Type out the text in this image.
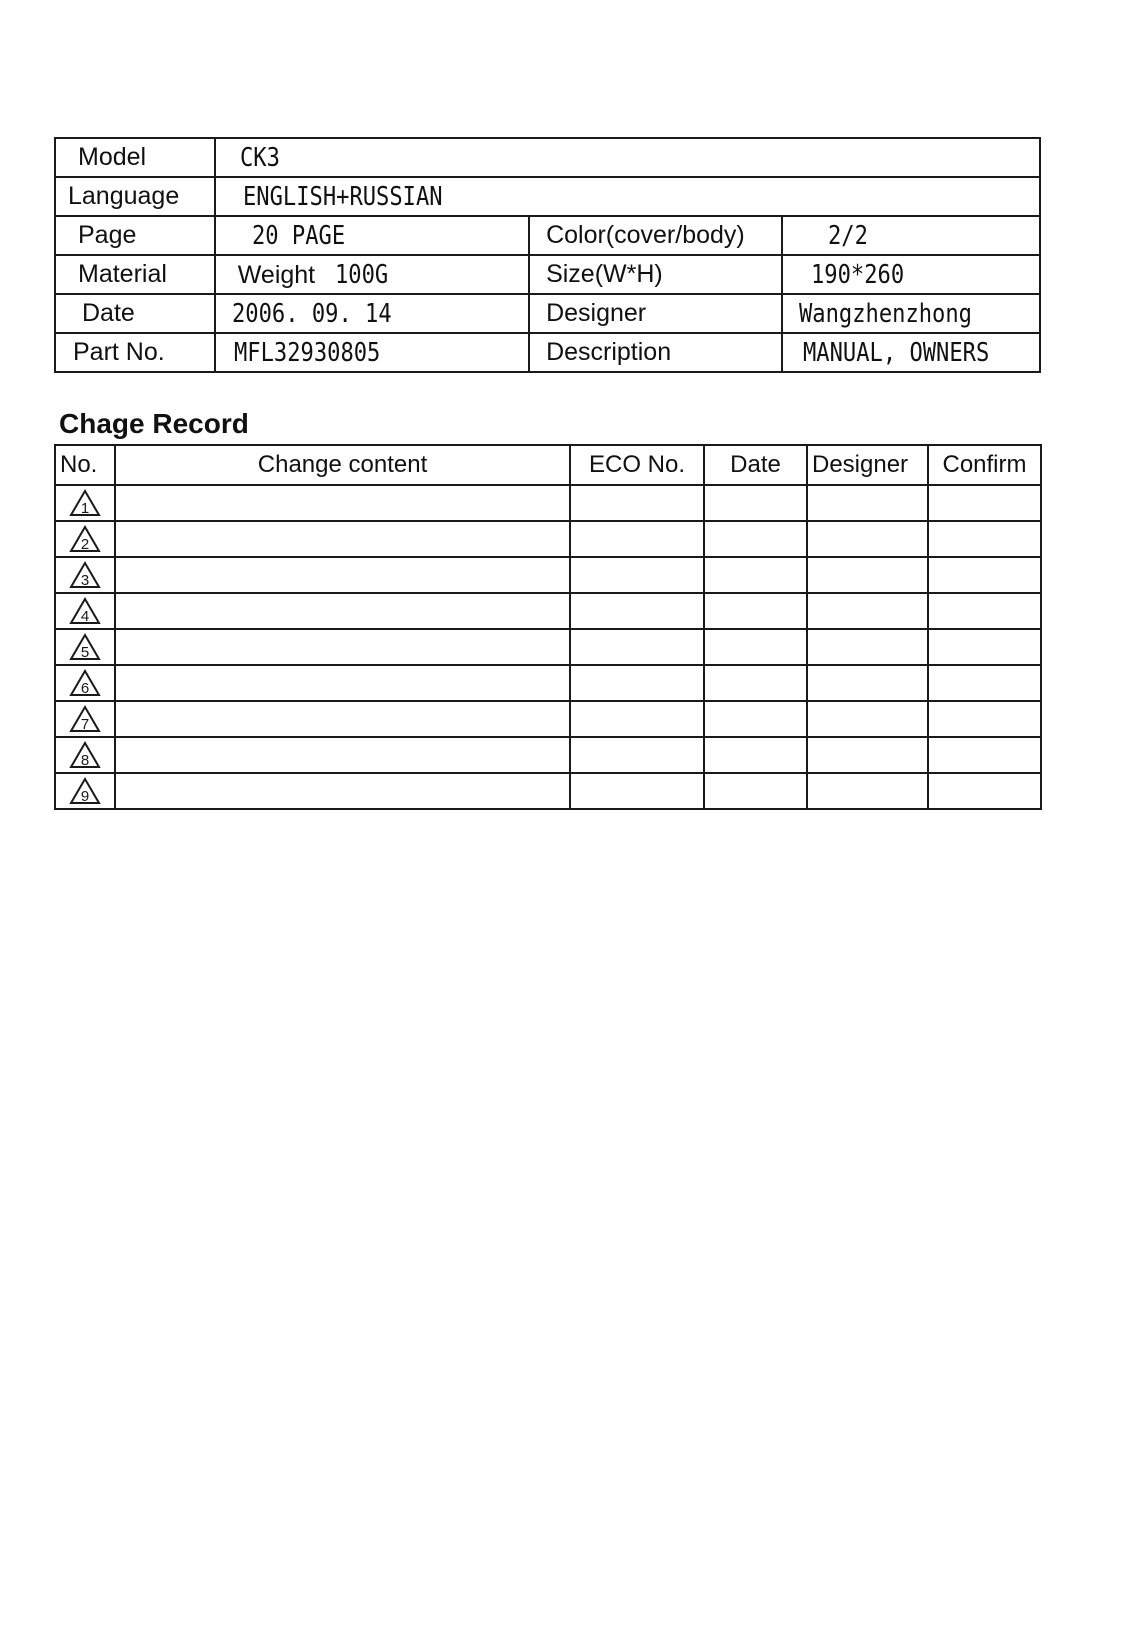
Model	CK3		
Language	ENGLISH+RUSSIAN		
Page	20 PAGE	Color(cover/body)	2/2
Material	Weight 100G	Size(W*H)	190*260
Date	2006. 09. 14	Designer	Wangzhenzhong
Part No.	MFL32930805	Description	MANUAL, OWNERS
Chage Record
No.	Change content	ECO No.	Date	Designer	Confirm

1					

2					

3					

4					

5					

6					

7					

8					

9					
